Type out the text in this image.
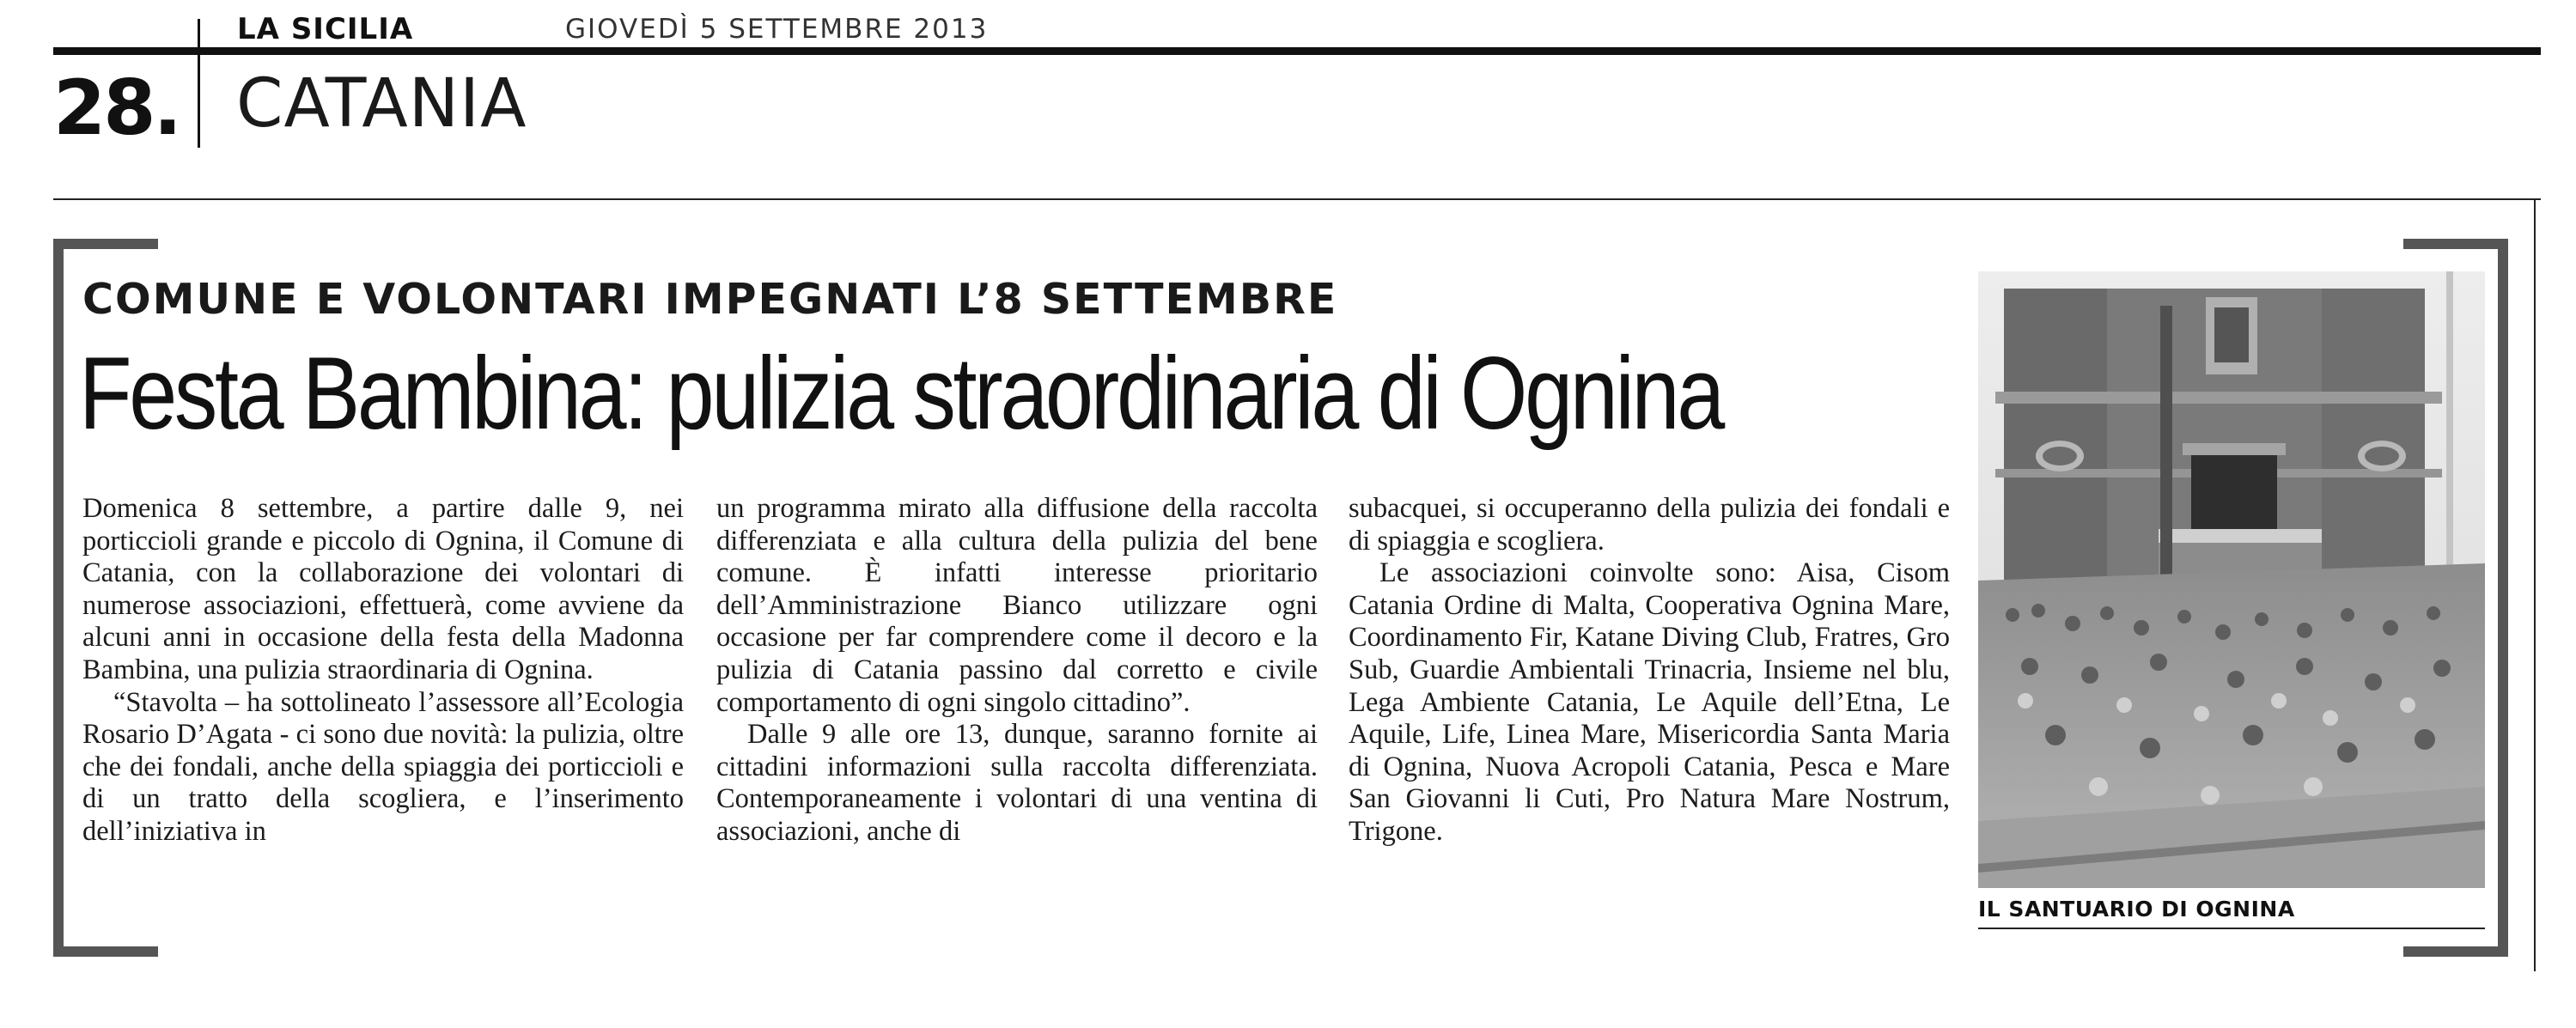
LA SICILIA	GIOVEDÌ 5 SETTEMBRE 2013
28. CATANIA
COMUNE E VOLONTARI IMPEGNATI L’8 SETTEMBRE
Festa Bambina: pulizia straordinaria di Ognina

Domenica 8 settembre, a partire dalle 9, nei porticcioli grande e piccolo di Ognina, il Comune di Catania, con la collaborazione dei volontari di numerose associazioni, effettuerà, come avviene da alcuni anni in occasione della festa della Madonna Bambina, una pulizia straordinaria di Ognina.

“Stavolta – ha sottolineato l’assessore all’Ecologia Rosario D’Agata - ci sono due novità: la pulizia, oltre che dei fondali, anche della spiaggia dei porticcioli e di un tratto della scogliera, e l’inserimento dell’iniziativa in

un programma mirato alla diffusione della raccolta differenziata e alla cultura della pulizia del bene comune. È infatti interesse prioritario dell’Amministrazione Bianco utilizzare ogni occasione per far comprendere come il decoro e la pulizia di Catania passino dal corretto e civile comportamento di ogni singolo cittadino”.

Dalle 9 alle ore 13, dunque, saranno fornite ai cittadini informazioni sulla raccolta differenziata. Contemporaneamente i volontari di una ventina di associazioni, anche di

subacquei, si occuperanno della pulizia dei fondali e di spiaggia e scogliera.

Le associazioni coinvolte sono: Aisa, Cisom Catania Ordine di Malta, Cooperativa Ognina Mare, Coordinamento Fir, Katane Diving Club, Fratres, Gro Sub, Guardie Ambientali Trinacria, Insieme nel blu, Lega Ambiente Catania, Le Aquile dell’Etna, Le Aquile, Life, Linea Mare, Misericordia Santa Maria di Ognina, Nuova Acropoli Catania, Pesca e Mare San Giovanni li Cuti, Pro Natura Mare Nostrum, Trigone.

IL SANTUARIO DI OGNINA
